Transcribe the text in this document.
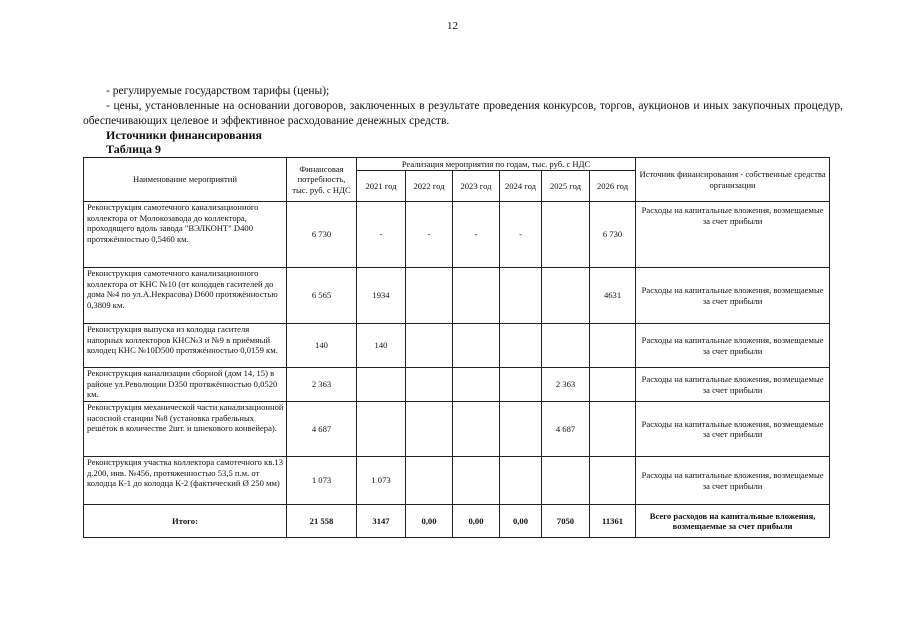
12
- регулируемые государством тарифы (цены);
- цены, установленные на основании договоров, заключенных в результате проведения конкурсов, торгов, аукционов и иных закупочных процедур, обеспечивающих целевое и эффективное расходование денежных средств.
Источники финансирования
Таблица 9
Наименование мероприятий	Финансовая потребность, тыс. руб. с НДС	Реализация мероприятия по годам, тыс. руб. с НДС						Источник финансирования - собственные средства организации
		2021 год	2022 год	2023 год	2024 год	2025 год	2026 год	
Реконструкция самотечного канализационного коллектора от Молокозавода до коллектора, проходящего вдоль завода "ВЭЛКОНТ" D400 протяжённостью 0,5460 км.	6 730	-	-	-	-		6 730	Расходы на капитальные вложения, возмещаемые за счет прибыли
Реконструкция самотечного канализационного коллектора от КНС №10 (от колодцев гасителей до дома №4 по ул.А.Некрасова) D600 протяжённостью 0,3809 км.	6 565	1934					4631	Расходы на капитальные вложения, возмещаемые за счет прибыли
Реконструкция выпуска из колодца гасителя напорных коллекторов КНС№3 и №9 в приёмный колодец КНС №10D500 протяжённостью 0,0159 км.	140	140						Расходы на капитальные вложения, возмещаемые за счет прибыли
Реконструкция канализации сборной (дом 14, 15) в районе ул.Революции D350 протяжённостью 0,0520 км.	2 363					2 363		Расходы на капитальные вложения, возмещаемые за счет прибыли
Реконструкция механической части канализационной насосной станции №8 (установка грабельных решёток в количестве 2шт. и шнекового конвейера).	4 687					4 687		Расходы на капитальные вложения, возмещаемые за счет прибыли
Реконструкция участка коллектора самотечного кв.13 д.200, инв. №456, протяженностью 53,5 п.м. от колодца К-1 до колодца К-2 (фактический Ø 250 мм)	1 073	1 073						Расходы на капитальные вложения, возмещаемые за счет прибыли
Итого:	21 558	3147	0,00	0,00	0,00	7050	11361	Всего расходов на капитальные вложения, возмещаемые за счет прибыли
